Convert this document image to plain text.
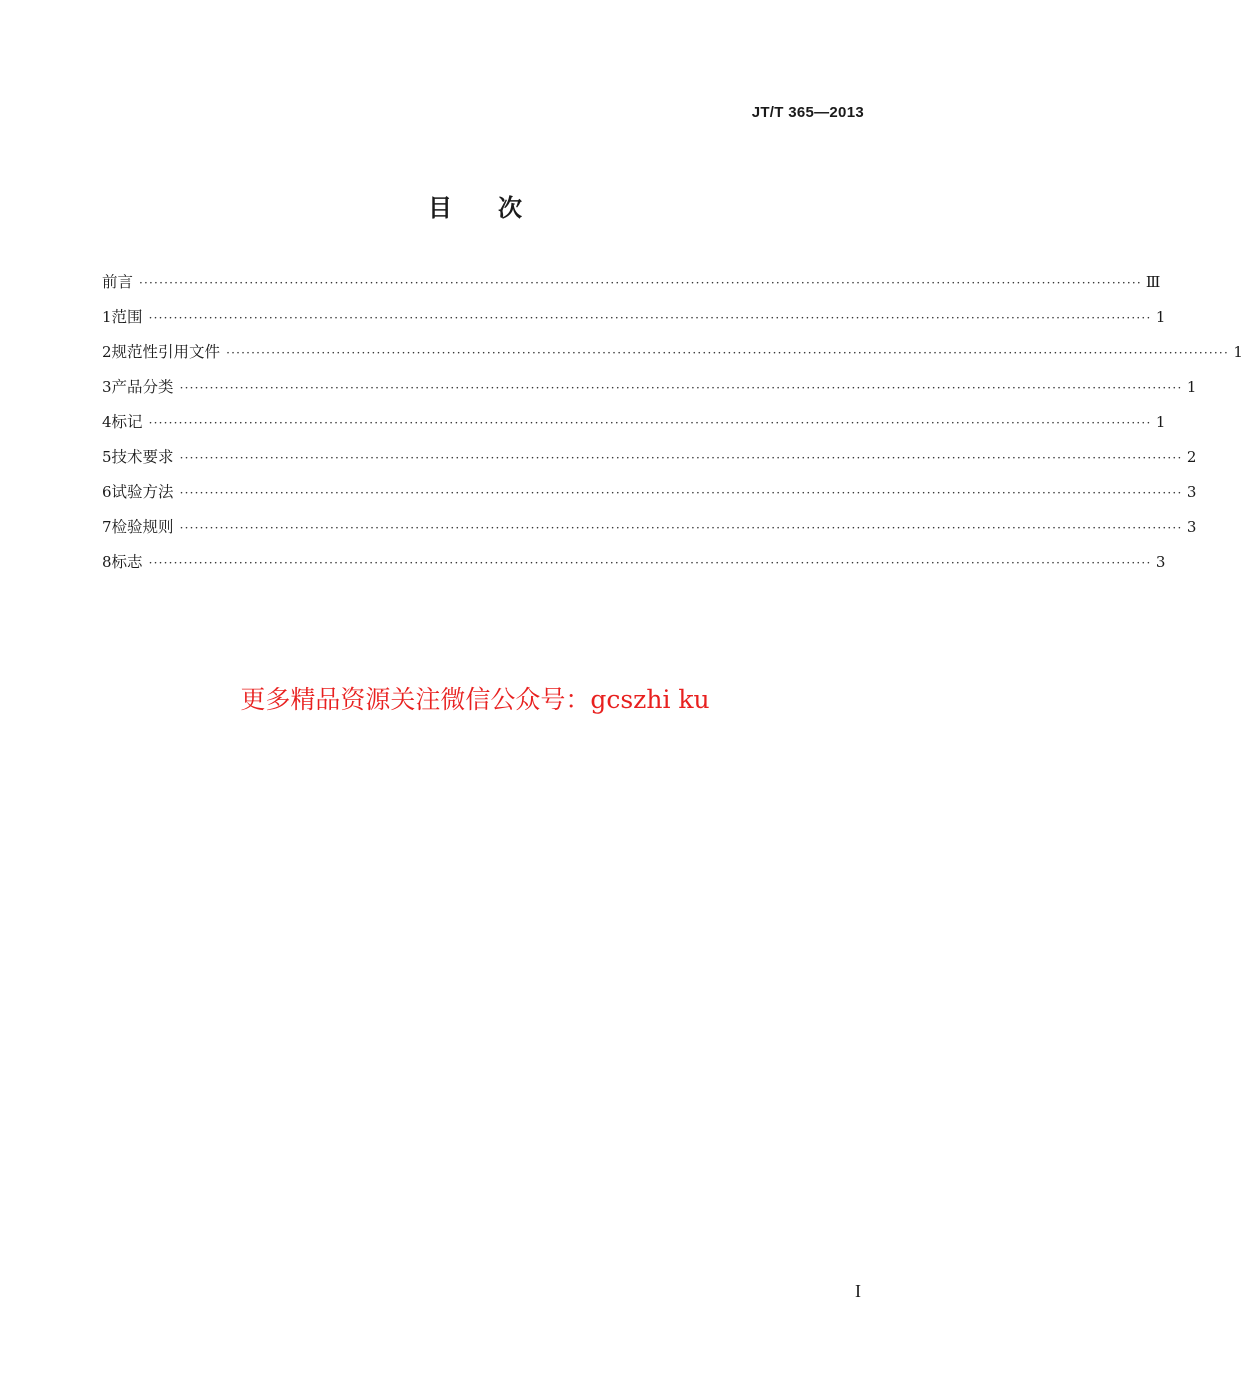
JT/T 365—2013
目次
前言 ········································································································································································································ Ⅲ
1 范围 ········································································································································································································ 1
2 规范性引用文件 ········································································································································································································ 1
3 产品分类 ········································································································································································································ 1
4 标记 ········································································································································································································ 1
5 技术要求 ········································································································································································································ 2
6 试验方法 ········································································································································································································ 3
7 检验规则 ········································································································································································································ 3
8 标志 ········································································································································································································ 3
更多精品资源关注微信公众号：gcszhi ku
I
